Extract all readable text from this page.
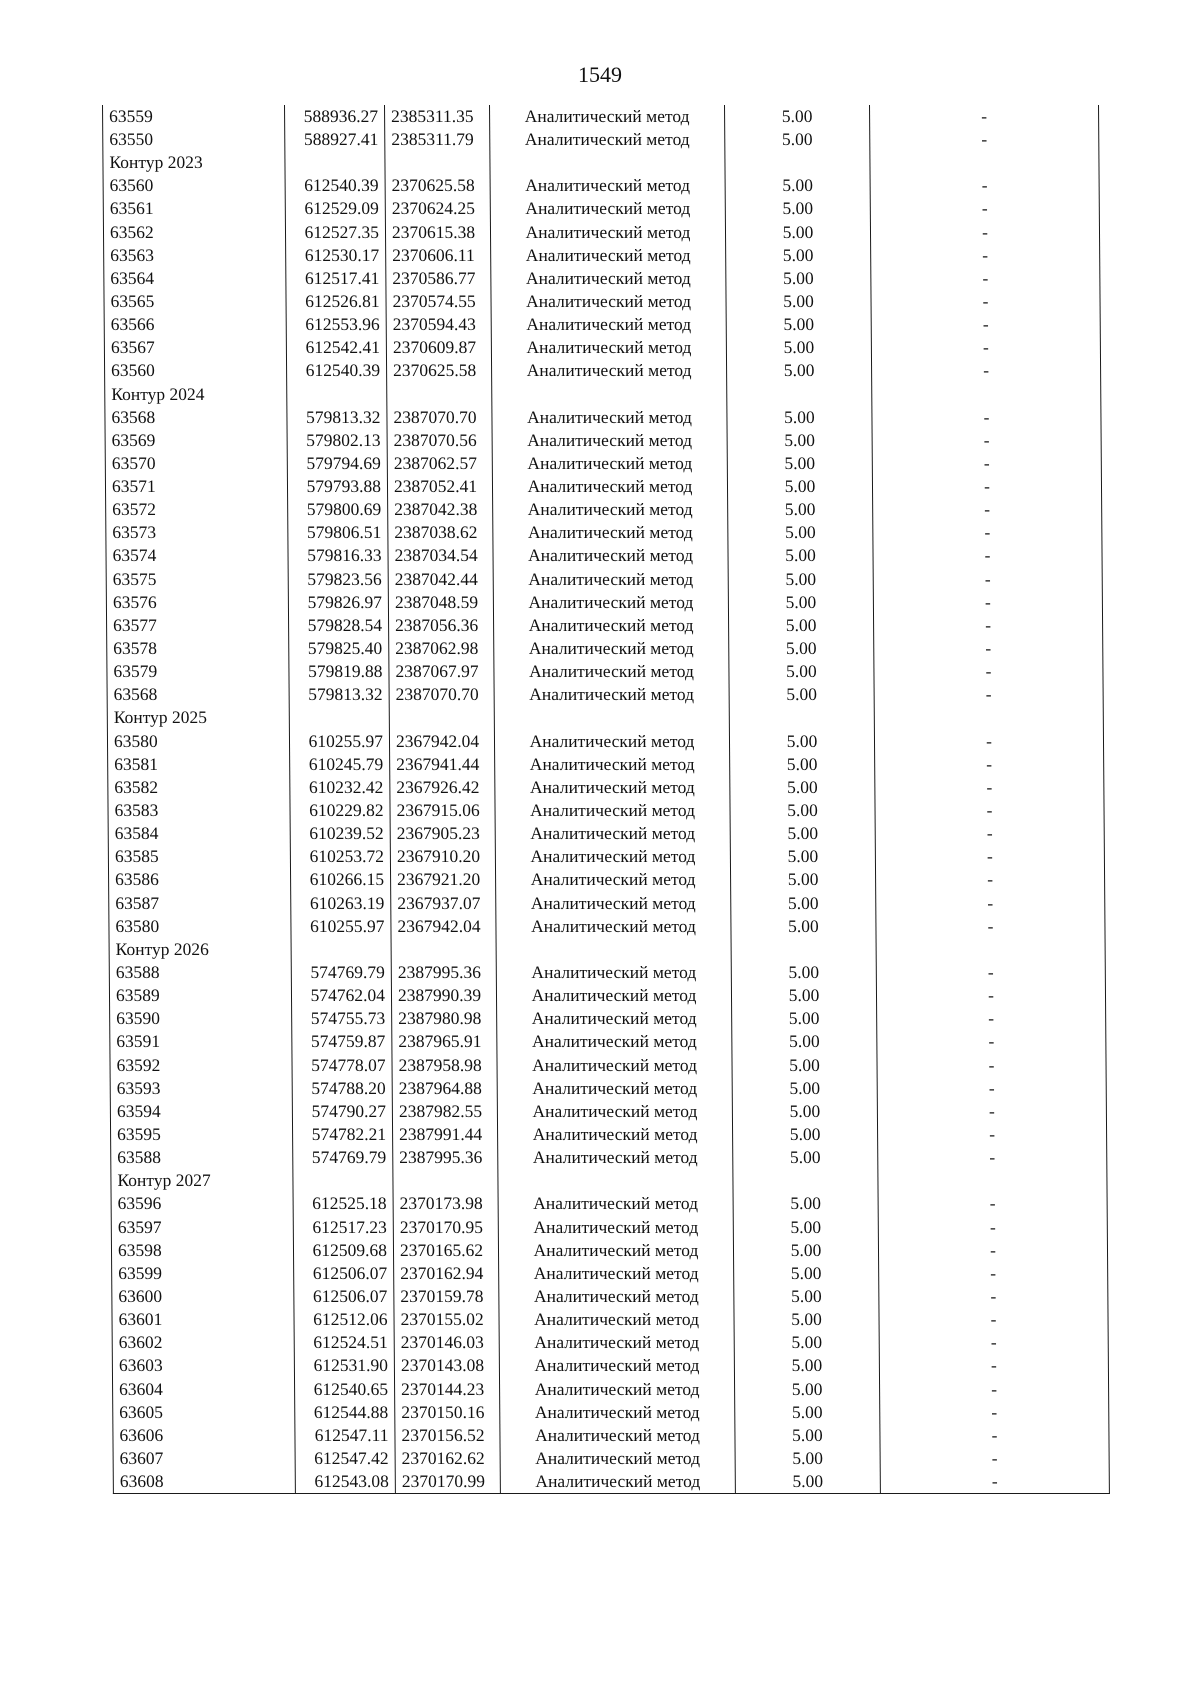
1549
63559	588936.27	2385311.35	Аналитический метод	5.00	-
63550	588927.41	2385311.79	Аналитический метод	5.00	-
Контур 2023					
63560	612540.39	2370625.58	Аналитический метод	5.00	-
63561	612529.09	2370624.25	Аналитический метод	5.00	-
63562	612527.35	2370615.38	Аналитический метод	5.00	-
63563	612530.17	2370606.11	Аналитический метод	5.00	-
63564	612517.41	2370586.77	Аналитический метод	5.00	-
63565	612526.81	2370574.55	Аналитический метод	5.00	-
63566	612553.96	2370594.43	Аналитический метод	5.00	-
63567	612542.41	2370609.87	Аналитический метод	5.00	-
63560	612540.39	2370625.58	Аналитический метод	5.00	-
Контур 2024					
63568	579813.32	2387070.70	Аналитический метод	5.00	-
63569	579802.13	2387070.56	Аналитический метод	5.00	-
63570	579794.69	2387062.57	Аналитический метод	5.00	-
63571	579793.88	2387052.41	Аналитический метод	5.00	-
63572	579800.69	2387042.38	Аналитический метод	5.00	-
63573	579806.51	2387038.62	Аналитический метод	5.00	-
63574	579816.33	2387034.54	Аналитический метод	5.00	-
63575	579823.56	2387042.44	Аналитический метод	5.00	-
63576	579826.97	2387048.59	Аналитический метод	5.00	-
63577	579828.54	2387056.36	Аналитический метод	5.00	-
63578	579825.40	2387062.98	Аналитический метод	5.00	-
63579	579819.88	2387067.97	Аналитический метод	5.00	-
63568	579813.32	2387070.70	Аналитический метод	5.00	-
Контур 2025					
63580	610255.97	2367942.04	Аналитический метод	5.00	-
63581	610245.79	2367941.44	Аналитический метод	5.00	-
63582	610232.42	2367926.42	Аналитический метод	5.00	-
63583	610229.82	2367915.06	Аналитический метод	5.00	-
63584	610239.52	2367905.23	Аналитический метод	5.00	-
63585	610253.72	2367910.20	Аналитический метод	5.00	-
63586	610266.15	2367921.20	Аналитический метод	5.00	-
63587	610263.19	2367937.07	Аналитический метод	5.00	-
63580	610255.97	2367942.04	Аналитический метод	5.00	-
Контур 2026					
63588	574769.79	2387995.36	Аналитический метод	5.00	-
63589	574762.04	2387990.39	Аналитический метод	5.00	-
63590	574755.73	2387980.98	Аналитический метод	5.00	-
63591	574759.87	2387965.91	Аналитический метод	5.00	-
63592	574778.07	2387958.98	Аналитический метод	5.00	-
63593	574788.20	2387964.88	Аналитический метод	5.00	-
63594	574790.27	2387982.55	Аналитический метод	5.00	-
63595	574782.21	2387991.44	Аналитический метод	5.00	-
63588	574769.79	2387995.36	Аналитический метод	5.00	-
Контур 2027					
63596	612525.18	2370173.98	Аналитический метод	5.00	-
63597	612517.23	2370170.95	Аналитический метод	5.00	-
63598	612509.68	2370165.62	Аналитический метод	5.00	-
63599	612506.07	2370162.94	Аналитический метод	5.00	-
63600	612506.07	2370159.78	Аналитический метод	5.00	-
63601	612512.06	2370155.02	Аналитический метод	5.00	-
63602	612524.51	2370146.03	Аналитический метод	5.00	-
63603	612531.90	2370143.08	Аналитический метод	5.00	-
63604	612540.65	2370144.23	Аналитический метод	5.00	-
63605	612544.88	2370150.16	Аналитический метод	5.00	-
63606	612547.11	2370156.52	Аналитический метод	5.00	-
63607	612547.42	2370162.62	Аналитический метод	5.00	-
63608	612543.08	2370170.99	Аналитический метод	5.00	-
